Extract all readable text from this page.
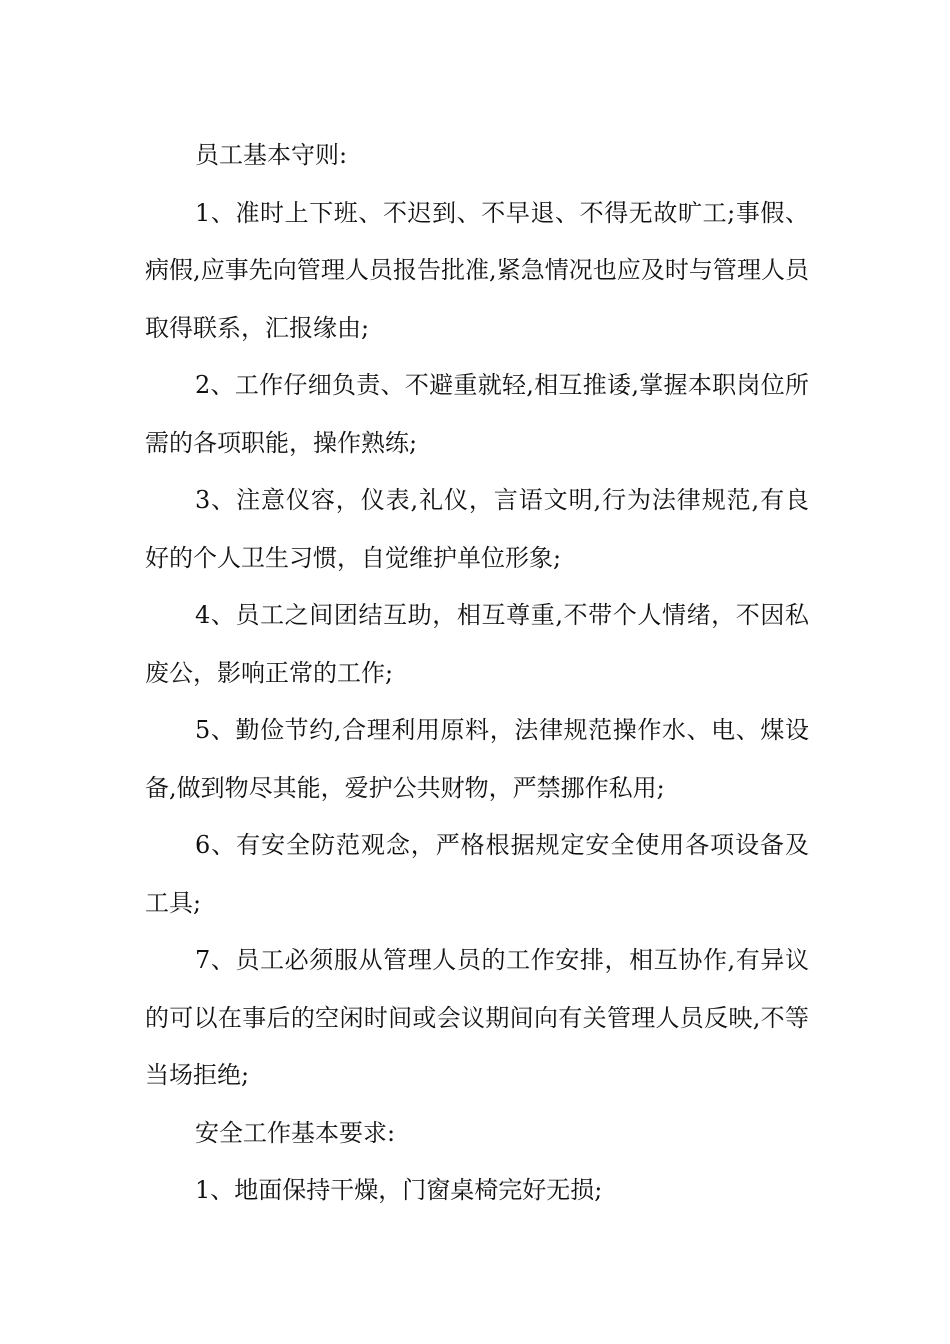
员工基本守则:

1、准时上下班、不迟到、不早退、不得无故旷工;事假、病假,应事先向管理人员报告批准,紧急情况也应及时与管理人员取得联系，汇报缘由;

2、工作仔细负责、不避重就轻,相互推诿,掌握本职岗位所需的各项职能，操作熟练;

3、注意仪容，仪表,礼仪，言语文明,行为法律规范,有良好的个人卫生习惯，自觉维护单位形象;

4、员工之间团结互助，相互尊重,不带个人情绪，不因私废公，影响正常的工作;

5、勤俭节约,合理利用原料，法律规范操作水、电、煤设备,做到物尽其能，爱护公共财物，严禁挪作私用;

6、有安全防范观念，严格根据规定安全使用各项设备及工具;

7、员工必须服从管理人员的工作安排，相互协作,有异议的可以在事后的空闲时间或会议期间向有关管理人员反映,不等当场拒绝;

安全工作基本要求:

1、地面保持干燥，门窗桌椅完好无损;
